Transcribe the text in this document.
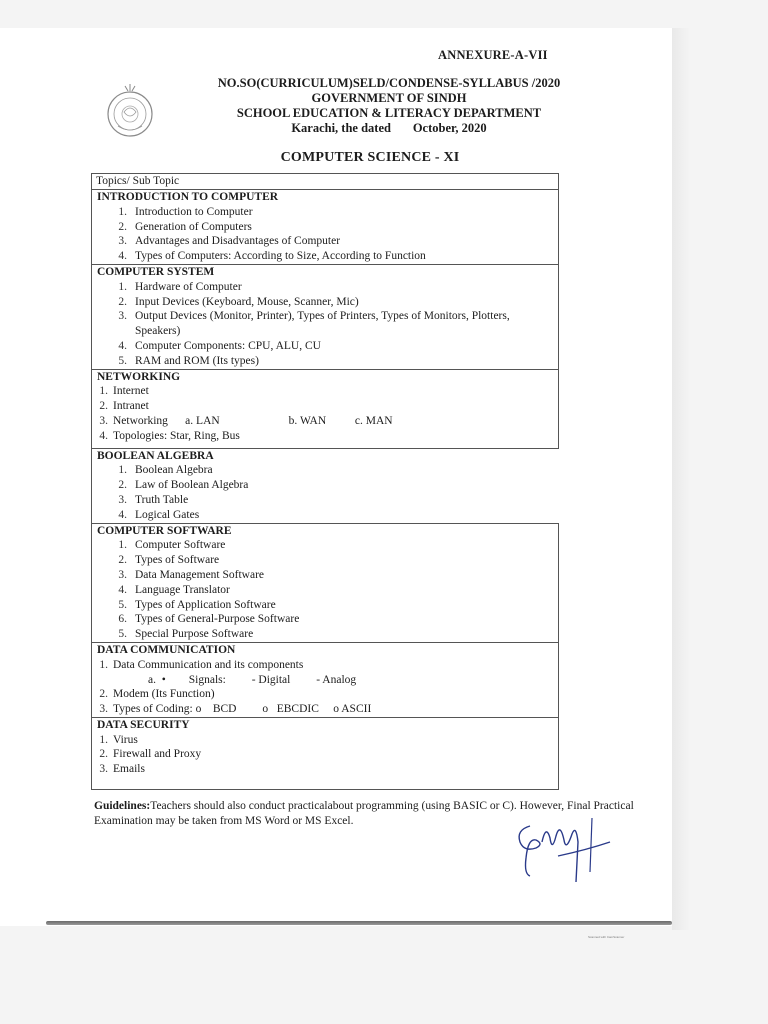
Scanned with CamScanner
ANNEXURE-A-VII
NO.SO(CURRICULUM)SELD/CONDENSE-SYLLABUS /2020
GOVERNMENT OF SINDH
SCHOOL EDUCATION & LITERACY DEPARTMENT
Karachi, the dated       October, 2020
COMPUTER SCIENCE - XI
Topics/ Sub Topic
INTRODUCTION TO COMPUTER
1. Introduction to Computer
2. Generation of Computers
3. Advantages and Disadvantages of Computer
4. Types of Computers: According to Size, According to Function
COMPUTER SYSTEM
1. Hardware of Computer
2. Input Devices (Keyboard, Mouse, Scanner, Mic)
3. Output Devices (Monitor, Printer), Types of Printers, Types of Monitors, Plotters, Speakers)
4. Computer Components: CPU, ALU, CU
5. RAM and ROM (Its types)
NETWORKING
1. Internet
2. Intranet
3. Networking      a. LAN                        b. WAN          c. MAN
4. Topologies: Star, Ring, Bus
BOOLEAN ALGEBRA
1. Boolean Algebra
2. Law of Boolean Algebra
3. Truth Table
4. Logical Gates
COMPUTER SOFTWARE
1. Computer Software
2. Types of Software
3. Data Management Software
4. Language Translator
5. Types of Application Software
6. Types of General-Purpose Software
5. Special Purpose Software
DATA COMMUNICATION
1. Data Communication and its components
a.  •        Signals:         - Digital         - Analog
2. Modem (Its Function)
3. Types of Coding: o    BCD         o   EBCDIC     o ASCII
DATA SECURITY
1. Virus
2. Firewall and Proxy
3. Emails
Guidelines:Teachers should also conduct practicalabout programming (using BASIC or C). However, Final Practical Examination may be taken from MS Word or MS Excel.
